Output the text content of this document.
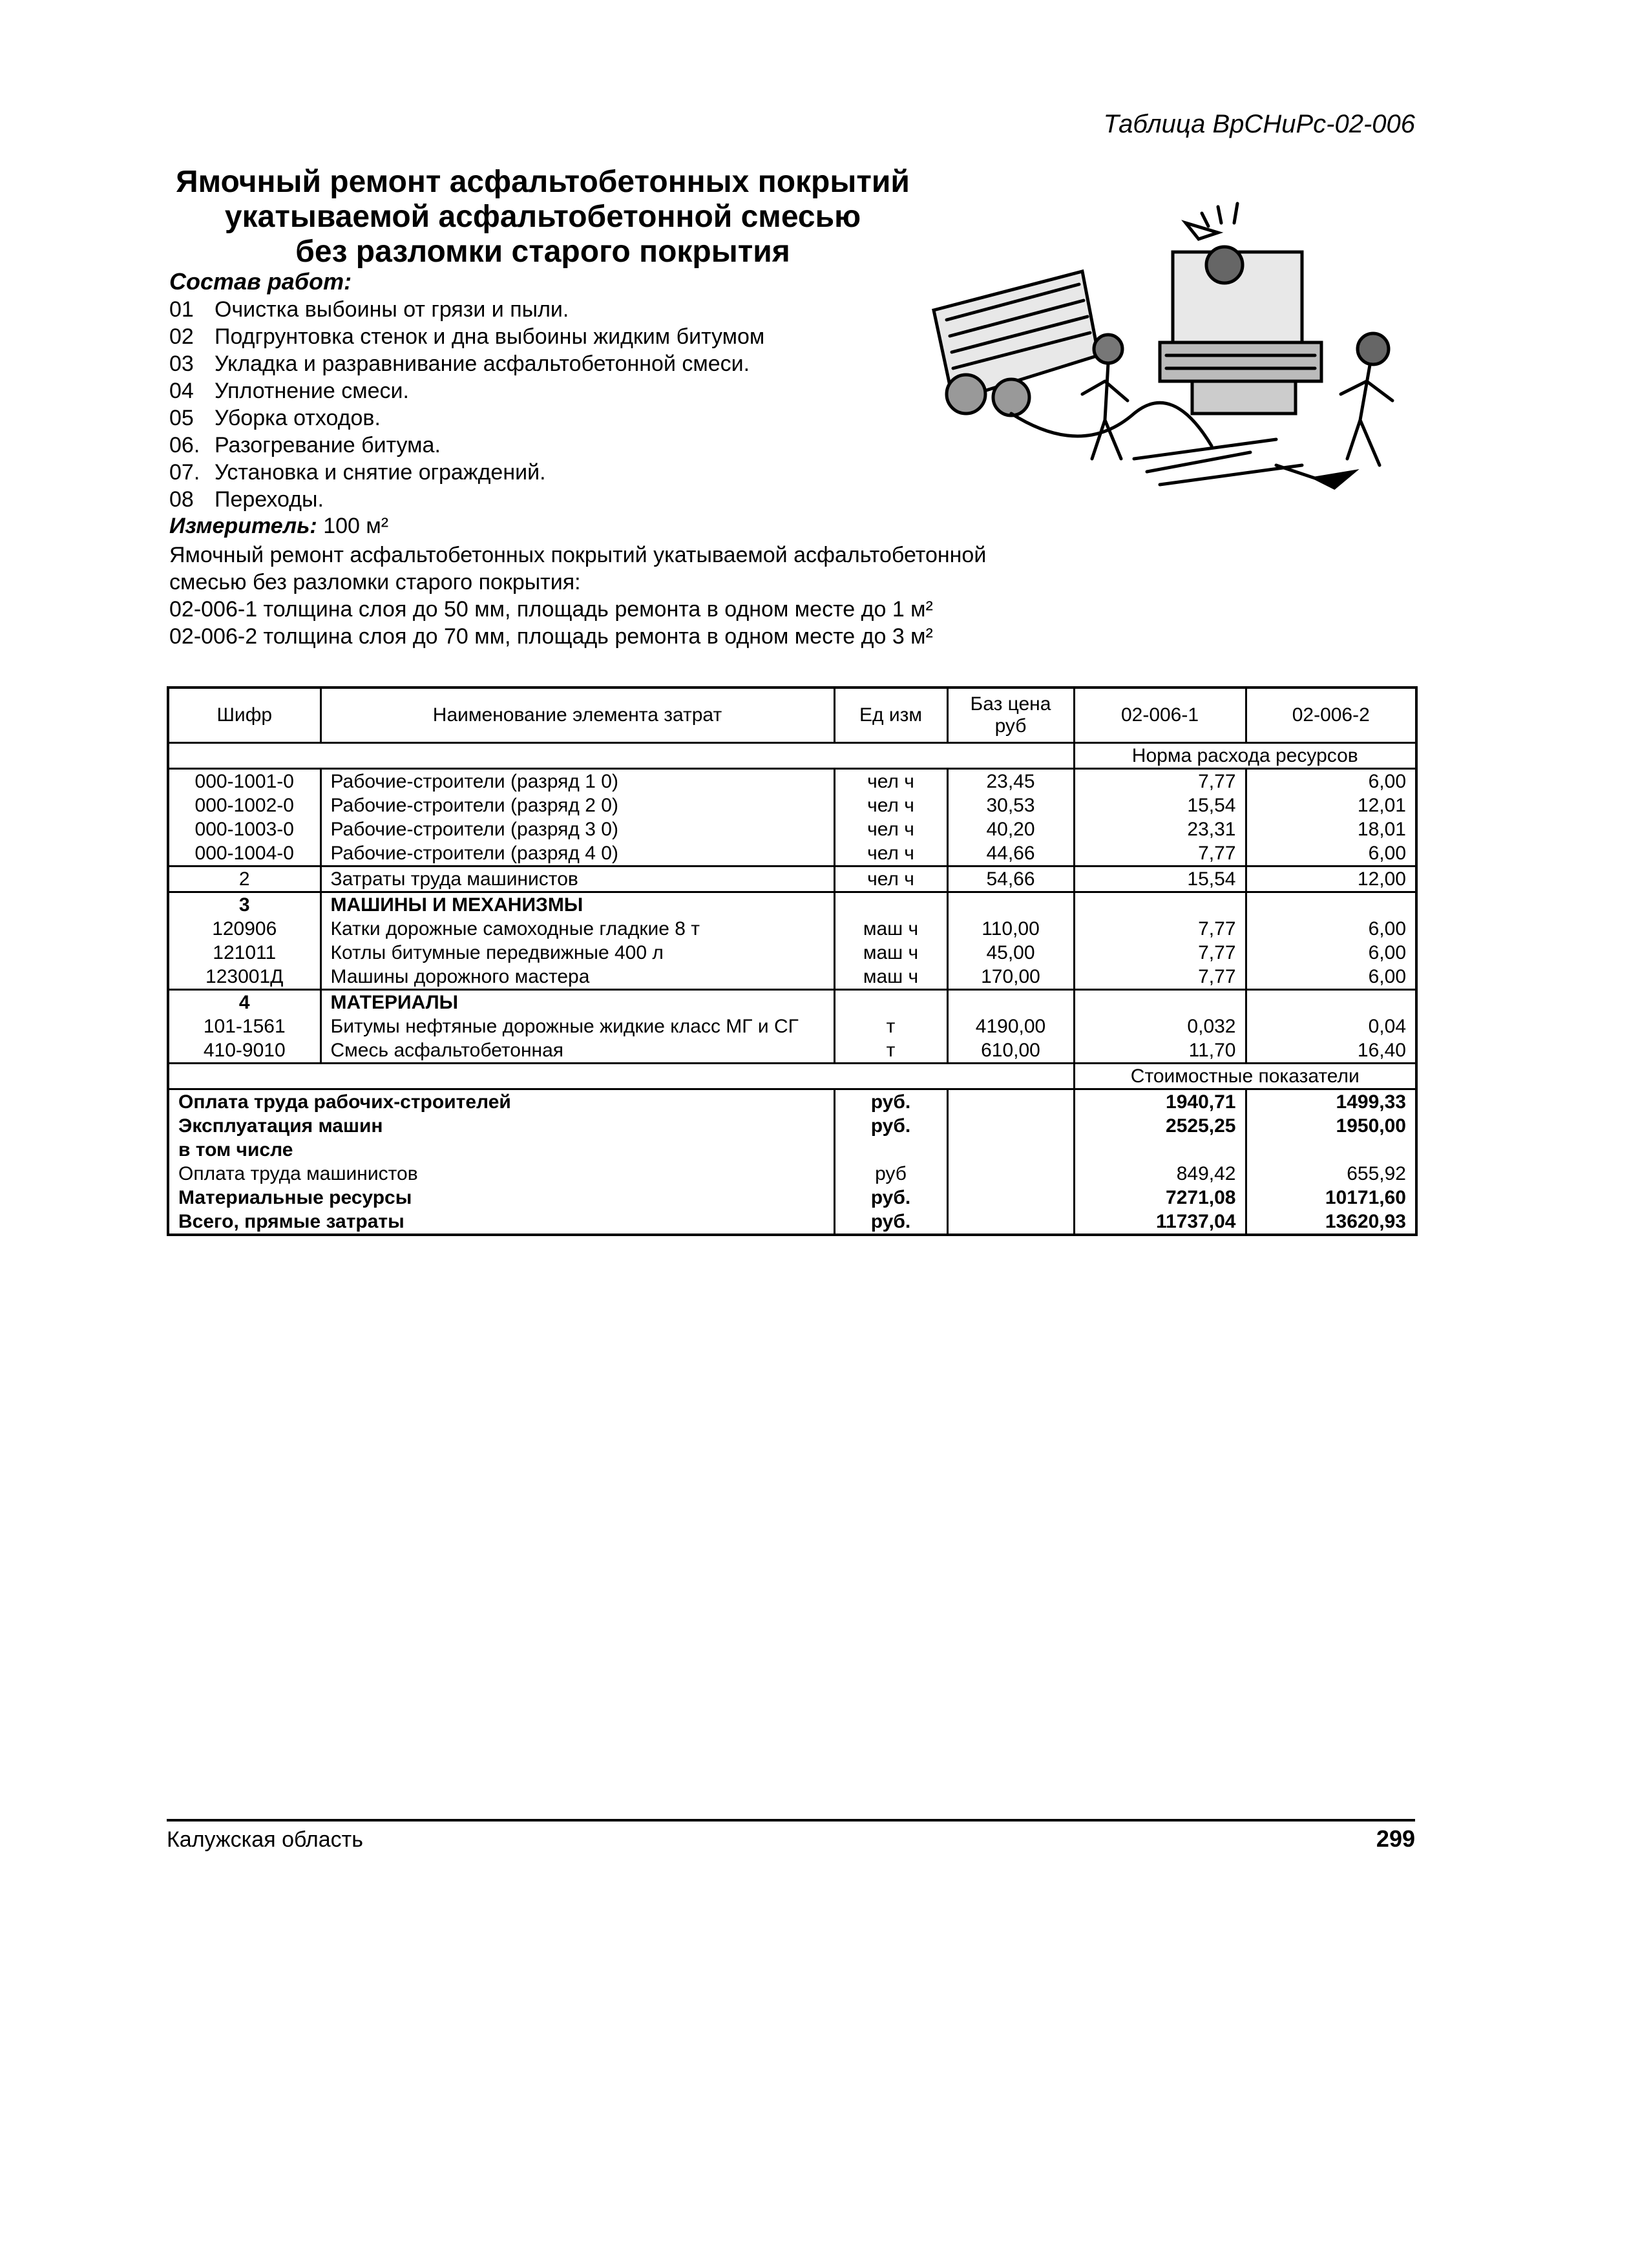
Таблица ВрСНиРс-02-006
Ямочный ремонт асфальтобетонных покрытий
укатываемой асфальтобетонной смесью
без разломки старого покрытия
Состав работ:
01 Очистка выбоины от грязи и пыли.
02 Подгрунтовка стенок и дна выбоины жидким битумом
03 Укладка и разравнивание асфальтобетонной смеси.
04 Уплотнение смеси.
05 Уборка отходов.
06. Разогревание битума.
07. Установка и снятие ограждений.
08 Переходы.
Измеритель: 100 м²
Ямочный ремонт асфальтобетонных покрытий укатываемой асфальтобетонной смесью без разломки старого покрытия:
02-006-1 толщина слоя до 50 мм, площадь ремонта в одном месте до 1 м²
02-006-2 толщина слоя до 70 мм, площадь ремонта в одном месте до 3 м²
Шифр	Наименование элемента затрат	Ед изм	Баз цена руб	02-006-1	02-006-2
				Норма расхода ресурсов	
000-1001-0	Рабочие-строители (разряд 1 0)	чел ч	23,45	7,77	6,00
000-1002-0	Рабочие-строители (разряд 2 0)	чел ч	30,53	15,54	12,01
000-1003-0	Рабочие-строители (разряд 3 0)	чел ч	40,20	23,31	18,01
000-1004-0	Рабочие-строители (разряд 4 0)	чел ч	44,66	7,77	6,00
2	Затраты труда машинистов	чел ч	54,66	15,54	12,00
3	МАШИНЫ И МЕХАНИЗМЫ				
120906	Катки дорожные самоходные гладкие 8 т	маш ч	110,00	7,77	6,00
121011	Котлы битумные передвижные 400 л	маш ч	45,00	7,77	6,00
123001Д	Машины дорожного мастера	маш ч	170,00	7,77	6,00
4	МАТЕРИАЛЫ				
101-1561	Битумы нефтяные дорожные жидкие класс МГ и СГ	т	4190,00	0,032	0,04
410-9010	Смесь асфальтобетонная	т	610,00	11,70	16,40
				Стоимостные показатели	
Оплата труда рабочих-строителей		руб.		1940,71	1499,33
Эксплуатация машин		руб.		2525,25	1950,00
в том числе					
Оплата труда машинистов		руб		849,42	655,92
Материальные ресурсы		руб.		7271,08	10171,60
Всего, прямые затраты		руб.		11737,04	13620,93
Калужская область	299
